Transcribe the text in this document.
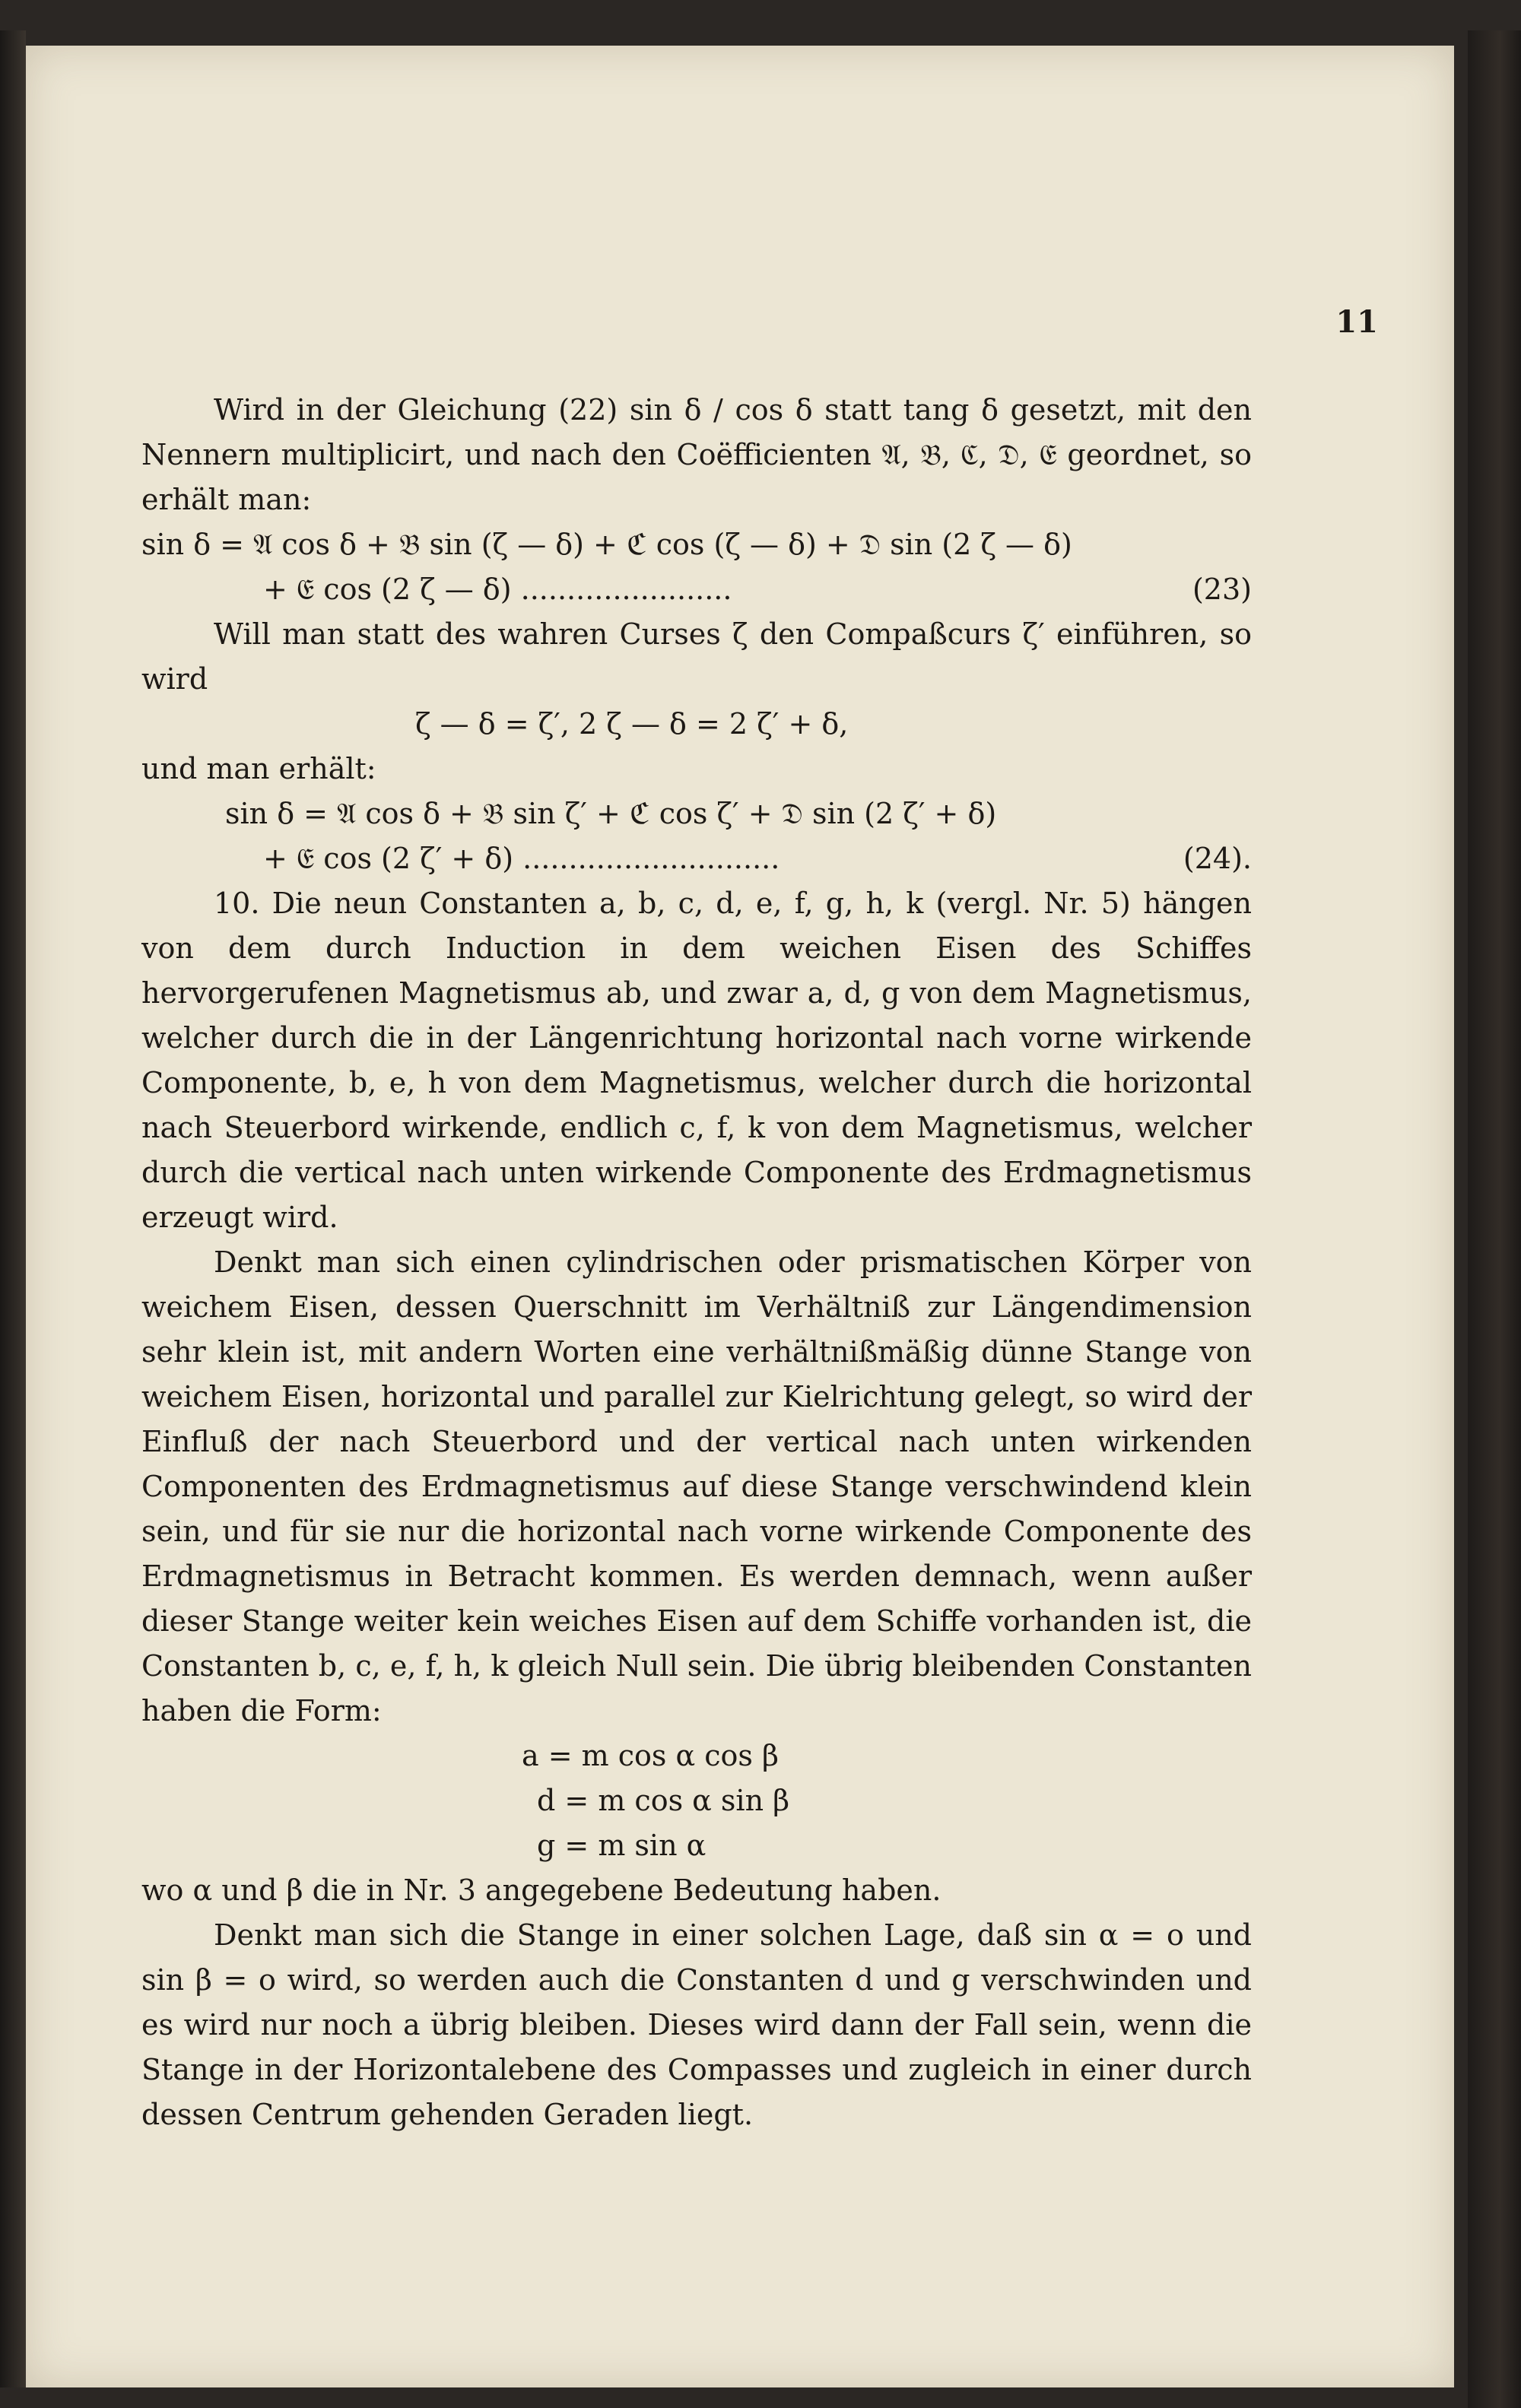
11

Wird in der Gleichung (22) sin δ / cos δ statt tang δ gesetzt, mit den Nennern multiplicirt, und nach den Coëfficienten 𝔄, 𝔅, ℭ, 𝔇, 𝔈 geordnet, so erhält man:

sin δ = 𝔄 cos δ + 𝔅 sin (ζ — δ) + ℭ cos (ζ — δ) + 𝔇 sin (2 ζ — δ)

+ 𝔈 cos (2 ζ — δ) .......................	(23)

Will man statt des wahren Curses ζ den Compaßcurs ζ′ einführen, so wird

ζ — δ = ζ′, 2 ζ — δ = 2 ζ′ + δ,

und man erhält:

sin δ = 𝔄 cos δ + 𝔅 sin ζ′ + ℭ cos ζ′ + 𝔇 sin (2 ζ′ + δ)

+ 𝔈 cos (2 ζ′ + δ) ............................	(24).

10. Die neun Constanten a, b, c, d, e, f, g, h, k (vergl. Nr. 5) hängen von dem durch Induction in dem weichen Eisen des Schiffes hervorgerufenen Magnetismus ab, und zwar a, d, g von dem Magnetismus, welcher durch die in der Längenrichtung horizontal nach vorne wirkende Componente, b, e, h von dem Magnetismus, welcher durch die horizontal nach Steuerbord wirkende, endlich c, f, k von dem Magnetismus, welcher durch die vertical nach unten wirkende Componente des Erdmagnetismus erzeugt wird.

Denkt man sich einen cylindrischen oder prismatischen Körper von weichem Eisen, dessen Querschnitt im Verhältniß zur Längendimension sehr klein ist, mit andern Worten eine verhältnißmäßig dünne Stange von weichem Eisen, horizontal und parallel zur Kielrichtung gelegt, so wird der Einfluß der nach Steuerbord und der vertical nach unten wirkenden Componenten des Erdmagnetismus auf diese Stange verschwindend klein sein, und für sie nur die horizontal nach vorne wirkende Componente des Erdmagnetismus in Betracht kommen. Es werden demnach, wenn außer dieser Stange weiter kein weiches Eisen auf dem Schiffe vorhanden ist, die Constanten b, c, e, f, h, k gleich Null sein. Die übrig bleibenden Constanten haben die Form:

a = m cos α cos β

d = m cos α sin β

g = m sin α

wo α und β die in Nr. 3 angegebene Bedeutung haben.

Denkt man sich die Stange in einer solchen Lage, daß sin α = o und sin β = o wird, so werden auch die Constanten d und g verschwinden und es wird nur noch a übrig bleiben. Dieses wird dann der Fall sein, wenn die Stange in der Horizontalebene des Compasses und zugleich in einer durch dessen Centrum gehenden Geraden liegt.
